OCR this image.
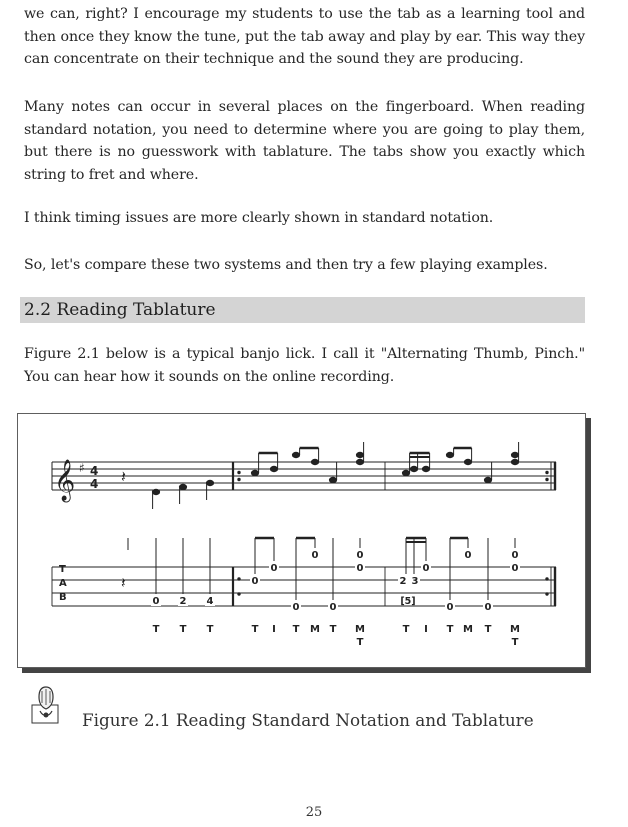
we can, right? I encourage my students to use the tab as a learning tool and then once they know the tune, put the tab away and play by ear. This way they can concentrate on their technique and the sound they are producing.

Many notes can occur in several places on the fingerboard. When reading standard notation, you need to determine where you are going to play them, but there is no guesswork with tablature. The tabs show you exactly which string to fret and where.

I think timing issues are more clearly shown in standard notation.

So, let's compare these two systems and then try a few playing examples.

2.2 Reading Tablature

Figure 2.1 below is a typical banjo lick. I call it "Alternating Thumb, Pinch." You can hear how it sounds on the online recording.

𝄞 ♯ 4
4 𝄽
T
A
B
𝄽
0 2 4
0
0
0
0
0
0
0
2 3
0
0
0
0
0
0
[5]
T T T	T I T M T M
T
T I T M T M
T
Figure 2.1 Reading Standard Notation and Tablature
25
